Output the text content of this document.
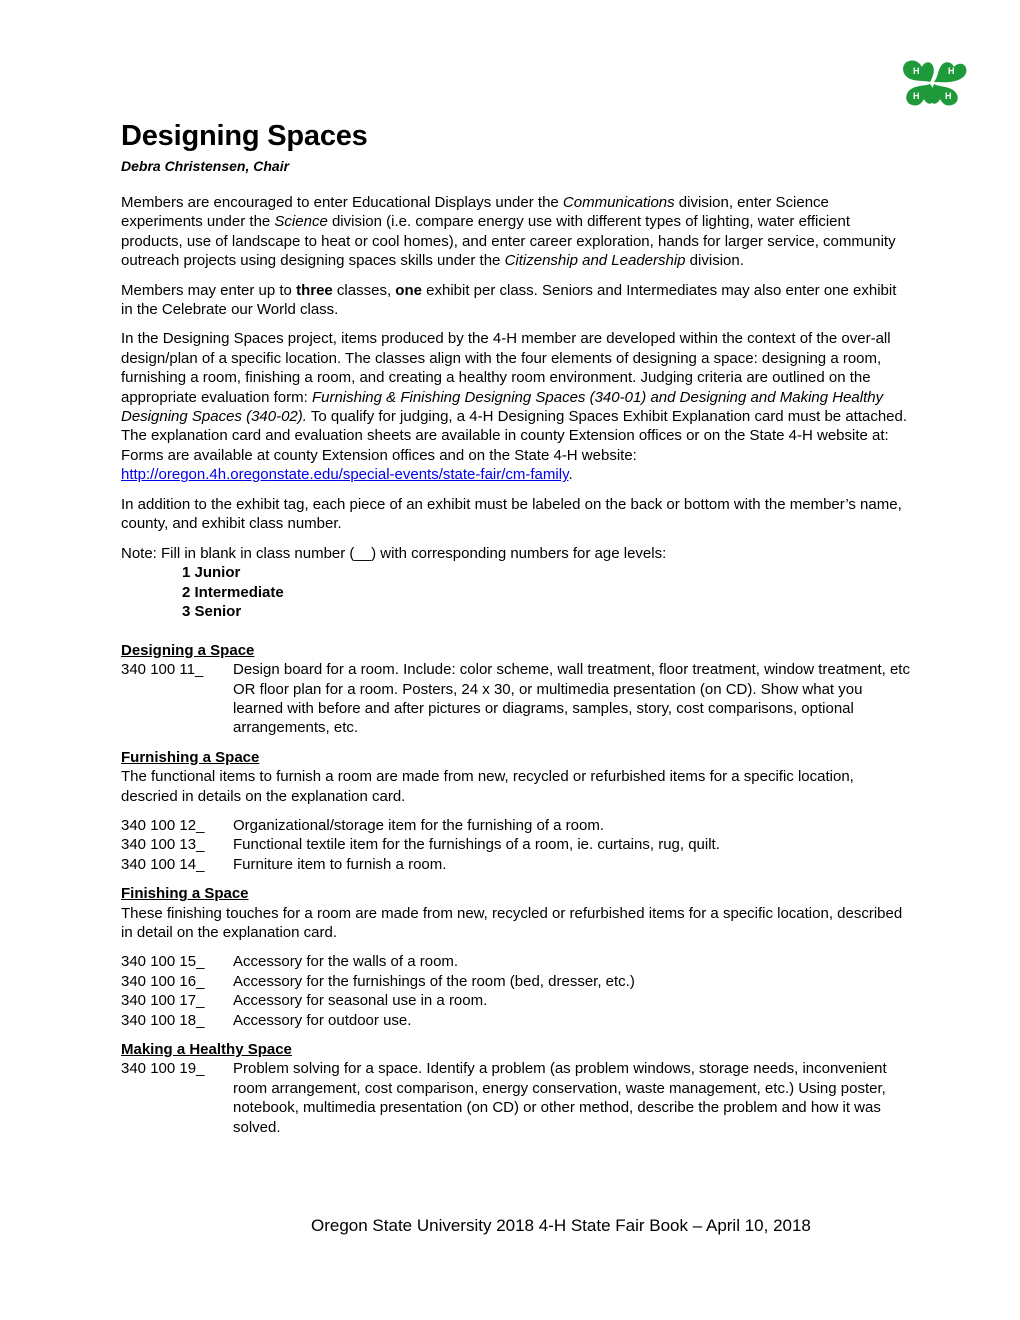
H	H
H	H
Designing Spaces
Debra Christensen, Chair

Members are encouraged to enter Educational Displays under the Communications division, enter Science experiments under the Science division (i.e. compare energy use with different types of lighting, water efficient products, use of landscape to heat or cool homes), and enter career exploration, hands for larger service, community outreach projects using designing spaces skills under the Citizenship and Leadership division.

Members may enter up to three classes, one exhibit per class. Seniors and Intermediates may also enter one exhibit in the Celebrate our World class.

In the Designing Spaces project, items produced by the 4-H member are developed within the context of the over-all design/plan of a specific location. The classes align with the four elements of designing a space: designing a room, furnishing a room, finishing a room, and creating a healthy room environment. Judging criteria are outlined on the appropriate evaluation form: Furnishing & Finishing Designing Spaces (340-01) and Designing and Making Healthy Designing Spaces (340-02). To qualify for judging, a 4-H Designing Spaces Exhibit Explanation card must be attached. The explanation card and evaluation sheets are available in county Extension offices or on the State 4-H website at: Forms are available at county Extension offices and on the State 4-H website: http://oregon.4h.oregonstate.edu/special-events/state-fair/cm-family.

In addition to the exhibit tag, each piece of an exhibit must be labeled on the back or bottom with the member’s name, county, and exhibit class number.

Note: Fill in blank in class number (__) with corresponding numbers for age levels:
1 Junior
2 Intermediate
3 Senior
Designing a Space
340 100 11_	Design board for a room. Include: color scheme, wall treatment, floor treatment, window treatment, etc OR floor plan for a room. Posters, 24 x 30, or multimedia presentation (on CD). Show what you learned with before and after pictures or diagrams, samples, story, cost comparisons, optional arrangements, etc.
Furnishing a Space

The functional items to furnish a room are made from new, recycled or refurbished items for a specific location, descried in details on the explanation card.

340 100 12_	Organizational/storage item for the furnishing of a room.
340 100 13_	Functional textile item for the furnishings of a room, ie. curtains, rug, quilt.
340 100 14_	Furniture item to furnish a room.
Finishing a Space

These finishing touches for a room are made from new, recycled or refurbished items for a specific location, described in detail on the explanation card.

340 100 15_	Accessory for the walls of a room.
340 100 16_	Accessory for the furnishings of the room (bed, dresser, etc.)
340 100 17_	Accessory for seasonal use in a room.
340 100 18_	Accessory for outdoor use.
Making a Healthy Space
340 100 19_	Problem solving for a space. Identify a problem (as problem windows, storage needs, inconvenient room arrangement, cost comparison, energy conservation, waste management, etc.) Using poster, notebook, multimedia presentation (on CD) or other method, describe the problem and how it was solved.
Oregon State University 2018 4-H State Fair Book – April 10, 2018
